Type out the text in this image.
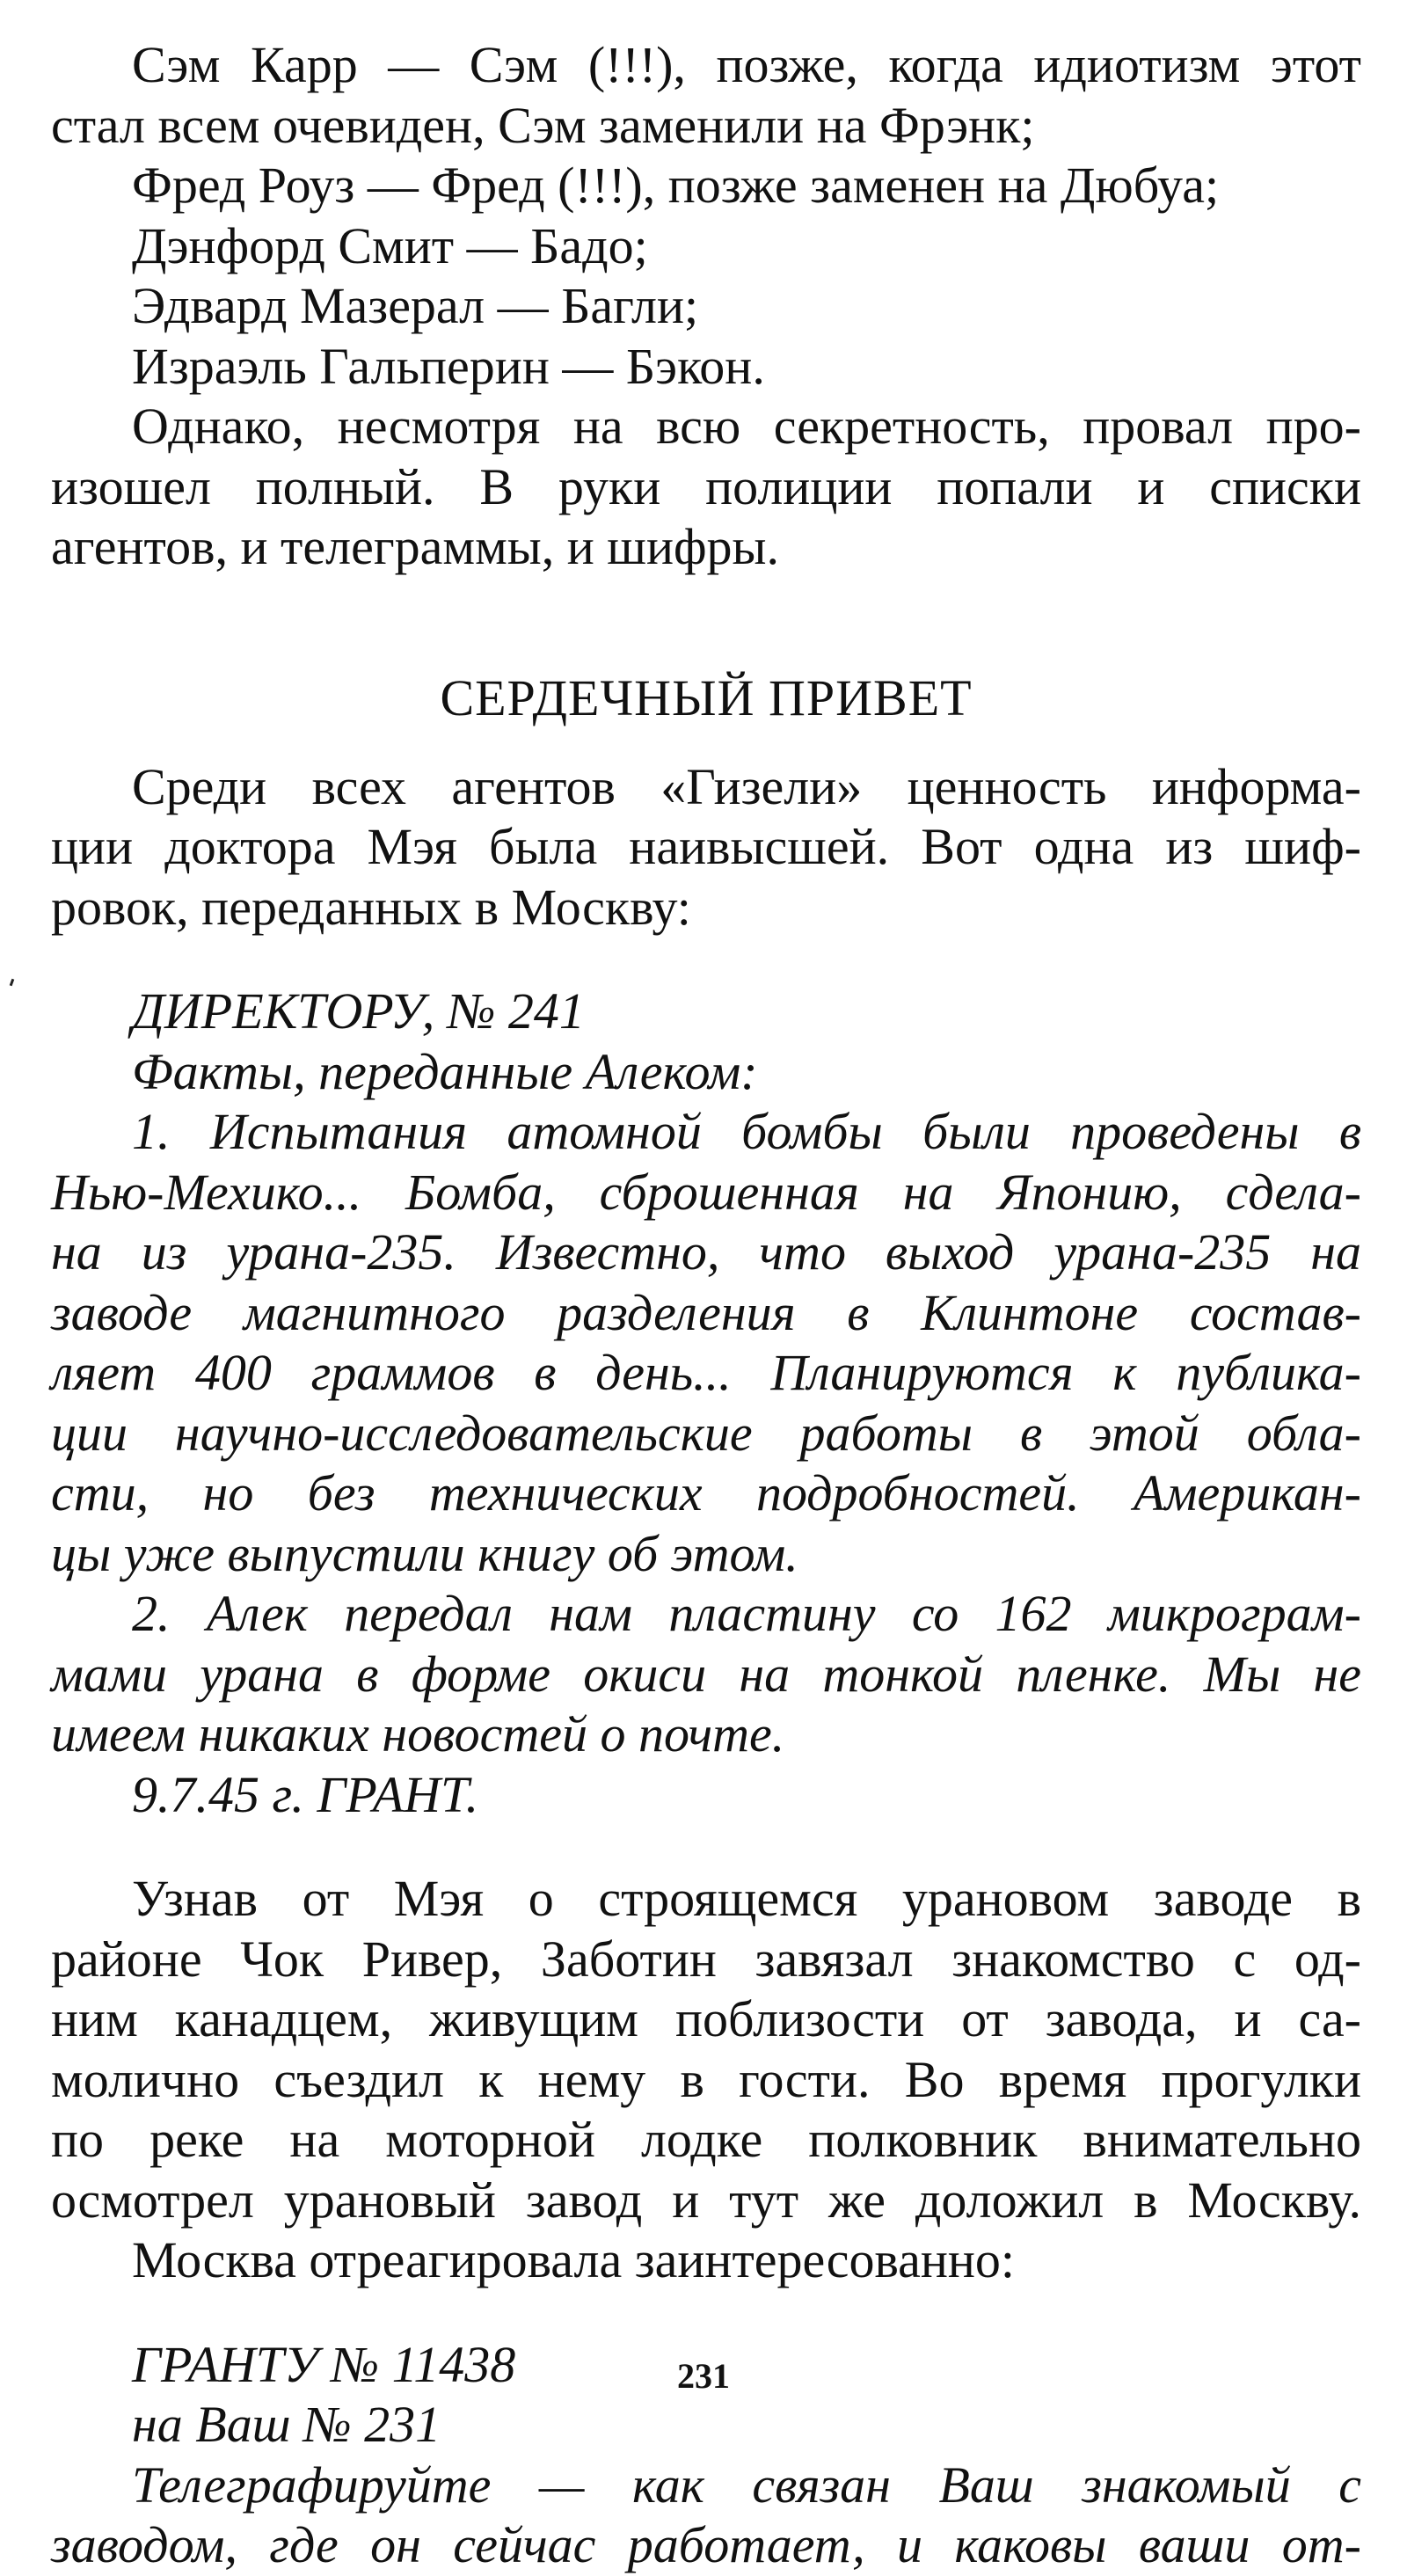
Сэм Карр — Сэм (!!!), позже, когда идиотизм этот

стал всем очевиден, Сэм заменили на Фрэнк;

Фред Роуз — Фред (!!!), позже заменен на Дюбуа;

Дэнфорд Смит — Бадо;

Эдвард Мазерал — Багли;

Израэль Гальперин — Бэкон.

Однако, несмотря на всю секретность, провал про-

изошел полный. В руки полиции попали и списки

агентов, и телеграммы, и шифры.

СЕРДЕЧНЫЙ ПРИВЕТ

Среди всех агентов «Гизели» ценность информа-

ции доктора Мэя была наивысшей. Вот одна из шиф-

ровок, переданных в Москву:

ДИРЕКТОРУ, № 241

Факты, переданные Алеком:

1. Испытания атомной бомбы были проведены в

Нью-Мехико... Бомба, сброшенная на Японию, сдела-

на из урана-235. Известно, что выход урана-235 на

заводе магнитного разделения в Клинтоне состав-

ляет 400 граммов в день... Планируются к публика-

ции научно-исследовательские работы в этой обла-

сти, но без технических подробностей. Американ-

цы уже выпустили книгу об этом.

2. Алек передал нам пластину со 162 микрограм-

мами урана в форме окиси на тонкой пленке. Мы не

имеем никаких новостей о почте.

9.7.45 г. ГРАНТ.

Узнав от Мэя о строящемся урановом заводе в

районе Чок Ривер, Заботин завязал знакомство с од-

ним канадцем, живущим поблизости от завода, и са-

молично съездил к нему в гости. Во время прогулки

по реке на моторной лодке полковник внимательно

осмотрел урановый завод и тут же доложил в Москву.

Москва отреагировала заинтересованно:

ГРАНТУ № 11438

на Ваш № 231

Телеграфируйте — как связан Ваш знакомый с

заводом, где он сейчас работает, и каковы ваши от-

231
